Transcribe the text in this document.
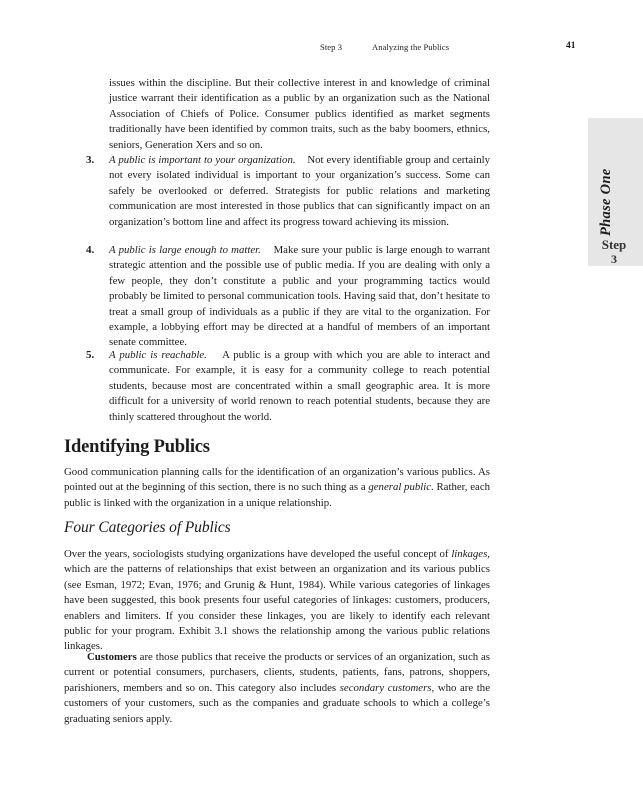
Step 3	Analyzing the Publics	41
Phase One
Step
3

issues within the discipline. But their collective interest in and knowledge of criminal justice warrant their identification as a public by an organization such as the National Association of Chiefs of Police. Consumer publics identified as market segments traditionally have been identified by common traits, such as the baby boomers, ethnics, seniors, Generation Xers and so on.

3. A public is important to your organization. Not every identifiable group and certainly not every isolated individual is important to your organization’s success. Some can safely be overlooked or deferred. Strategists for public relations and marketing communication are most interested in those publics that can significantly impact on an organization’s bottom line and affect its progress toward achieving its mission.

4. A public is large enough to matter. Make sure your public is large enough to warrant strategic attention and the possible use of public media. If you are dealing with only a few people, they don’t constitute a public and your programming tactics would probably be limited to personal communication tools. Having said that, don’t hesitate to treat a small group of individuals as a public if they are vital to the organization. For example, a lobbying effort may be directed at a handful of members of an important senate committee.

5. A public is reachable. A public is a group with which you are able to interact and communicate. For example, it is easy for a community college to reach potential students, because most are concentrated within a small geographic area. It is more difficult for a university of world renown to reach potential students, because they are thinly scattered throughout the world.

Identifying Publics

Good communication planning calls for the identification of an organization’s various publics. As pointed out at the beginning of this section, there is no such thing as a general public. Rather, each public is linked with the organization in a unique relationship.

Four Categories of Publics

Over the years, sociologists studying organizations have developed the useful concept of linkages, which are the patterns of relationships that exist between an organization and its various publics (see Esman, 1972; Evan, 1976; and Grunig & Hunt, 1984). While various categories of linkages have been suggested, this book presents four useful categories of linkages: customers, producers, enablers and limiters. If you consider these linkages, you are likely to identify each relevant public for your program. Exhibit 3.1 shows the relationship among the various public relations linkages.

Customers are those publics that receive the products or services of an organization, such as current or potential consumers, purchasers, clients, students, patients, fans, patrons, shoppers, parishioners, members and so on. This category also includes secondary customers, who are the customers of your customers, such as the companies and graduate schools to which a college’s graduating seniors apply.
